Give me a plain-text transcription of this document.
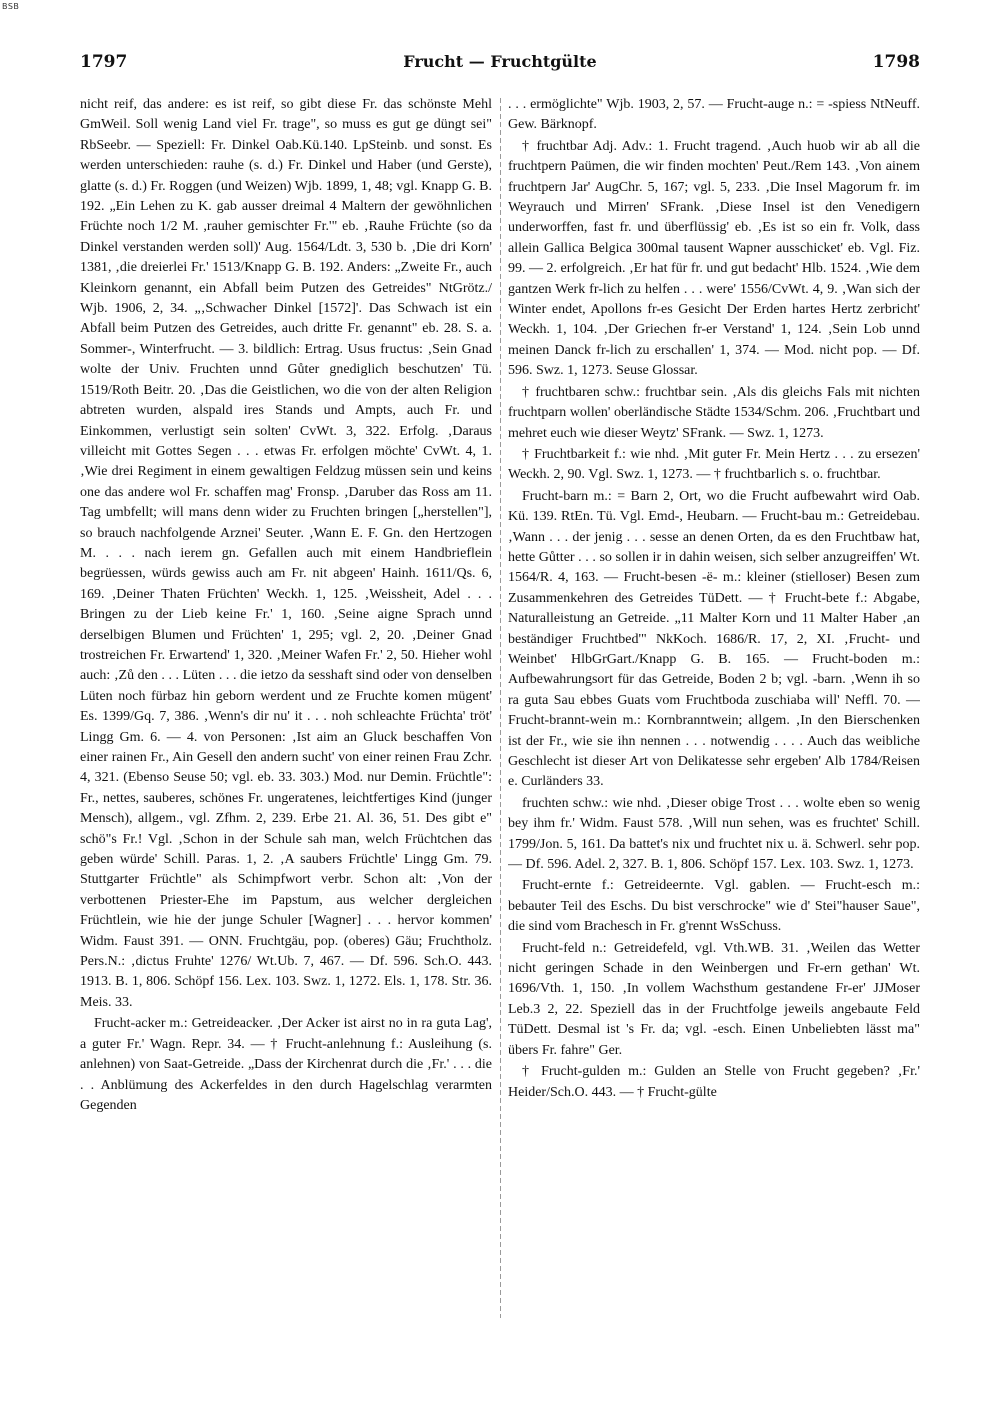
BSB
1797	Frucht — Fruchtgülte	1798

nicht reif, das andere: es ist reif, so gibt diese Fr. das schönste Mehl GmWeil. Soll wenig Land viel Fr. trage", so muss es gut ge düngt sei" RbSeebr. — Speziell: Fr. Dinkel Oab.Kü.140. LpSteinb. und sonst. Es werden unterschieden: rauhe (s. d.) Fr. Dinkel und Haber (und Gerste), glatte (s. d.) Fr. Roggen (und Weizen) Wjb. 1899, 1, 48; vgl. Knapp G. B. 192. „Ein Lehen zu K. gab ausser dreimal 4 Maltern der gewöhnlichen Früchte noch 1/2 M. ,rauher gemischter Fr.'" eb. ‚Rauhe Früchte (so da Dinkel verstanden werden soll)' Aug. 1564/Ldt. 3, 530 b. ‚Die dri Korn' 1381, ‚die dreierlei Fr.' 1513/Knapp G. B. 192. Anders: „Zweite Fr., auch Kleinkorn genannt, ein Abfall beim Putzen des Getreides" NtGrötz./ Wjb. 1906, 2, 34. „‚Schwacher Dinkel [1572]'. Das Schwach ist ein Abfall beim Putzen des Getreides, auch dritte Fr. genannt" eb. 28. S. a. Sommer-, Winterfrucht. — 3. bildlich: Ertrag. Usus fructus: ‚Sein Gnad wolte der Univ. Fruchten unnd Gůter gnediglich beschutzen' Tü. 1519/Roth Beitr. 20. ‚Das die Geistlichen, wo die von der alten Religion abtreten wurden, alspald ires Stands und Ampts, auch Fr. und Einkommen, verlustigt sein solten' CvWt. 3, 322. Erfolg. ‚Daraus villeicht mit Gottes Segen . . . etwas Fr. erfolgen möchte' CvWt. 4, 1. ‚Wie drei Regiment in einem gewaltigen Feldzug müssen sein und keins one das andere wol Fr. schaffen mag' Fronsp. ‚Daruber das Ross am 11. Tag umbfellt; will mans denn wider zu Fruchten bringen [„herstellen"], so brauch nachfolgende Arznei' Seuter. ‚Wann E. F. Gn. den Hertzogen M. . . . nach ierem gn. Gefallen auch mit einem Handbrieflein begrüessen, würds gewiss auch am Fr. nit abgeen' Hainh. 1611/Qs. 6, 169. ‚Deiner Thaten Früchten' Weckh. 1, 125. ‚Weissheit, Adel . . . Bringen zu der Lieb keine Fr.' 1, 160. ‚Seine aigne Sprach unnd derselbigen Blumen und Früchten' 1, 295; vgl. 2, 20. ‚Deiner Gnad trostreichen Fr. Erwartend' 1, 320. ‚Meiner Wafen Fr.' 2, 50. Hieher wohl auch: ‚Zů den . . . Lüten . . . die ietzo da sesshaft sind oder von denselben Lüten noch fürbaz hin geborn werdent und ze Fruchte komen mügent' Es. 1399/Gq. 7, 386. ‚Wenn's dir nu' it . . . noh schleachte Früchta' tröt' Lingg Gm. 6. — 4. von Personen: ‚Ist aim an Gluck beschaffen Von einer rainen Fr., Ain Gesell den andern sucht' von einer reinen Frau Zchr. 4, 321. (Ebenso Seuse 50; vgl. eb. 33. 303.) Mod. nur Demin. Früchtle": Fr., nettes, sauberes, schönes Fr. ungeratenes, leichtfertiges Kind (junger Mensch), allgem., vgl. Zfhm. 2, 239. Erbe 21. Al. 36, 51. Des gibt e" schö"s Fr.! Vgl. ‚Schon in der Schule sah man, welch Früchtchen das geben würde' Schill. Paras. 1, 2. ‚A saubers Früchtle' Lingg Gm. 79. Stuttgarter Früchtle" als Schimpfwort verbr. Schon alt: ‚Von der verbottenen Priester-Ehe im Papstum, aus welcher dergleichen Früchtlein, wie hie der junge Schuler [Wagner] . . . hervor kommen' Widm. Faust 391. — ONN. Fruchtgäu, pop. (oberes) Gäu; Fruchtholz. Pers.N.: ‚dictus Fruhte' 1276/ Wt.Ub. 7, 467. — Df. 596. Sch.O. 443. 1913. B. 1, 806. Schöpf 156. Lex. 103. Swz. 1, 1272. Els. 1, 178. Str. 36. Meis. 33.

Frucht-acker m.: Getreideacker. ‚Der Acker ist airst no in ra guta Lag', a guter Fr.' Wagn. Repr. 34. — † Frucht-anlehnung f.: Ausleihung (s. anlehnen) von Saat-Getreide. „Dass der Kirchenrat durch die ‚Fr.' . . . die . . Anblümung des Ackerfeldes in den durch Hagelschlag verarmten Gegenden

. . . ermöglichte" Wjb. 1903, 2, 57. — Frucht-auge n.: = -spiess NtNeuff. Gew. Bärknopf.

† fruchtbar Adj. Adv.: 1. Frucht tragend. ‚Auch huob wir ab all die fruchtpern Paümen, die wir finden mochten' Peut./Rem 143. ‚Von ainem fruchtpern Jar' AugChr. 5, 167; vgl. 5, 233. ‚Die Insel Magorum fr. im Weyrauch und Mirren' SFrank. ‚Diese Insel ist den Venedigern underworffen, fast fr. und überflüssig' eb. ‚Es ist so ein fr. Volk, dass allein Gallica Belgica 300mal tausent Wapner ausschicket' eb. Vgl. Fiz. 99. — 2. erfolgreich. ‚Er hat für fr. und gut bedacht' Hlb. 1524. ‚Wie dem gantzen Werk fr-lich zu helfen . . . were' 1556/CvWt. 4, 9. ‚Wan sich der Winter endet, Apollons fr-es Gesicht Der Erden hartes Hertz zerbricht' Weckh. 1, 104. ‚Der Griechen fr-er Verstand' 1, 124. ‚Sein Lob unnd meinen Danck fr-lich zu erschallen' 1, 374. — Mod. nicht pop. — Df. 596. Swz. 1, 1273. Seuse Glossar.

† fruchtbaren schw.: fruchtbar sein. ‚Als dis gleichs Fals mit nichten fruchtparn wollen' oberländische Städte 1534/Schm. 206. ‚Fruchtbart und mehret euch wie dieser Weytz' SFrank. — Swz. 1, 1273.

† Fruchtbarkeit f.: wie nhd. ‚Mit guter Fr. Mein Hertz . . . zu ersezen' Weckh. 2, 90. Vgl. Swz. 1, 1273. — † fruchtbarlich s. o. fruchtbar.

Frucht-barn m.: = Barn 2, Ort, wo die Frucht aufbewahrt wird Oab. Kü. 139. RtEn. Tü. Vgl. Emd-, Heubarn. — Frucht-bau m.: Getreidebau. ‚Wann . . . der jenig . . . sesse an denen Orten, da es den Fruchtbaw hat, hette Gůtter . . . so sollen ir in dahin weisen, sich selber anzugreiffen' Wt. 1564/R. 4, 163. — Frucht-besen -ë- m.: kleiner (stielloser) Besen zum Zusammenkehren des Getreides TüDett. — † Frucht-bete f.: Abgabe, Naturalleistung an Getreide. „11 Malter Korn und 11 Malter Haber ‚an beständiger Fruchtbed'" NkKoch. 1686/R. 17, 2, XI. ‚Frucht- und Weinbet' HlbGrGart./Knapp G. B. 165. — Frucht-boden m.: Aufbewahrungsort für das Getreide, Boden 2 b; vgl. -barn. ‚Wenn ih so ra guta Sau ebbes Guats vom Fruchtboda zuschiaba will' Neffl. 70. — Frucht-brannt-wein m.: Kornbranntwein; allgem. ‚In den Bierschenken ist der Fr., wie sie ihn nennen . . . notwendig . . . . Auch das weibliche Geschlecht ist dieser Art von Delikatesse sehr ergeben' Alb 1784/Reisen e. Curländers 33.

fruchten schw.: wie nhd. ‚Dieser obige Trost . . . wolte eben so wenig bey ihm fr.' Widm. Faust 578. ‚Will nun sehen, was es fruchtet' Schill. 1799/Jon. 5, 161. Da battet's nix und fruchtet nix u. ä. Schwerl. sehr pop. — Df. 596. Adel. 2, 327. B. 1, 806. Schöpf 157. Lex. 103. Swz. 1, 1273.

Frucht-ernte f.: Getreideernte. Vgl. gablen. — Frucht-esch m.: bebauter Teil des Eschs. Du bist verschrocke" wie d' Stei"hauser Saue", die sind vom Brachesch in Fr. g'rennt WsSchuss.

Frucht-feld n.: Getreidefeld, vgl. Vth.WB. 31. ‚Weilen das Wetter nicht geringen Schade in den Weinbergen und Fr-ern gethan' Wt. 1696/Vth. 1, 150. ‚In vollem Wachsthum gestandene Fr-er' JJMoser Leb.3 2, 22. Speziell das in der Fruchtfolge jeweils angebaute Feld TüDett. Desmal ist 's Fr. da; vgl. -esch. Einen Unbeliebten lässt ma" übers Fr. fahre" Ger.

† Frucht-gulden m.: Gulden an Stelle von Frucht gegeben? ‚Fr.' Heider/Sch.O. 443. — † Frucht-gülte
